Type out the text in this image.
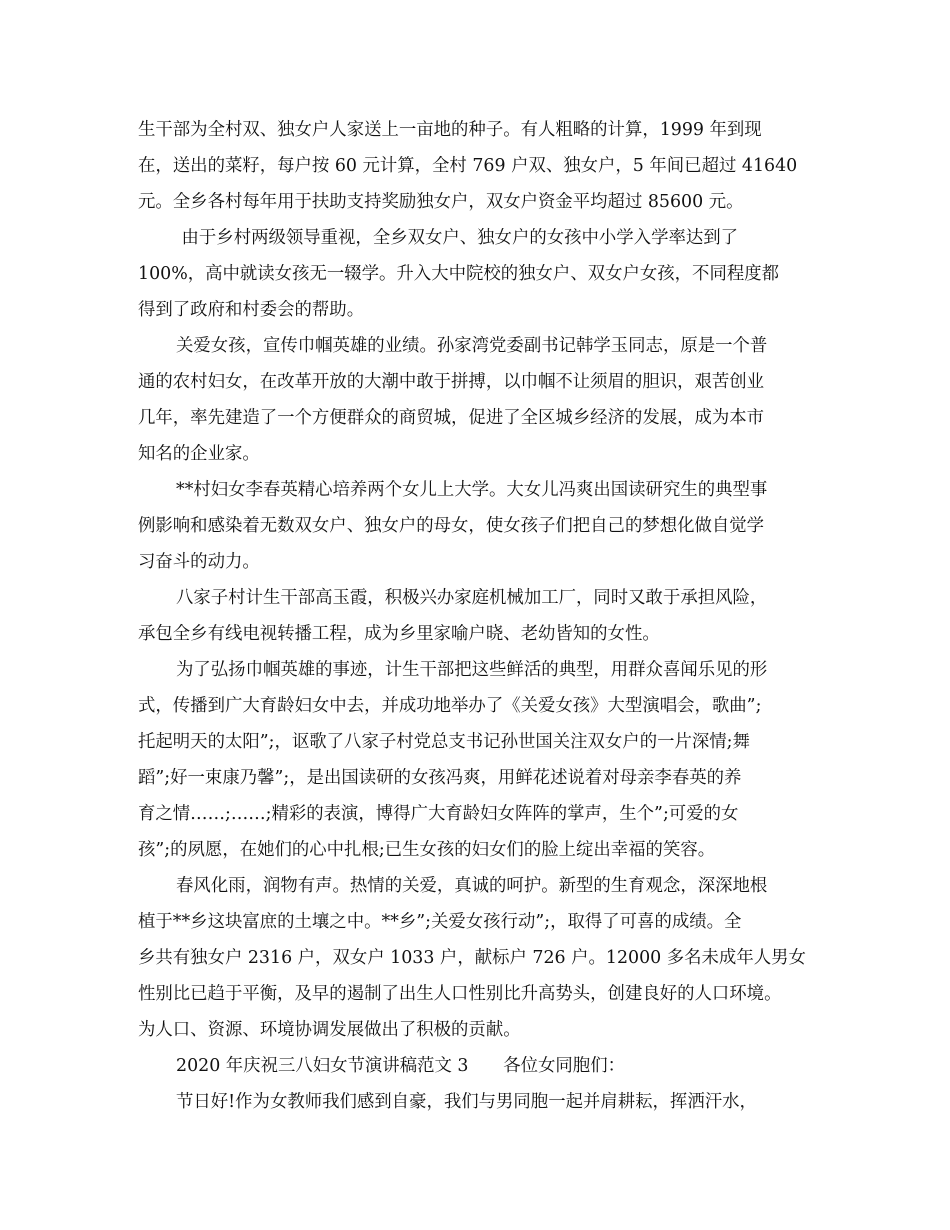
生干部为全村双、独女户人家送上一亩地的种子。有人粗略的计算，1999 年到现
在，送出的菜籽，每户按 60 元计算，全村 769 户双、独女户，5 年间已超过 41640
元。全乡各村每年用于扶助支持奖励独女户，双女户资金平均超过 85600 元。
由于乡村两级领导重视，全乡双女户、独女户的女孩中小学入学率达到了
100%，高中就读女孩无一辍学。升入大中院校的独女户、双女户女孩，不同程度都
得到了政府和村委会的帮助。
关爱女孩，宣传巾帼英雄的业绩。孙家湾党委副书记韩学玉同志，原是一个普
通的农村妇女，在改革开放的大潮中敢于拼搏，以巾帼不让须眉的胆识，艰苦创业
几年，率先建造了一个方便群众的商贸城，促进了全区城乡经济的发展，成为本市
知名的企业家。
**村妇女李春英精心培养两个女儿上大学。大女儿冯爽出国读研究生的典型事
例影响和感染着无数双女户、独女户的母女，使女孩子们把自己的梦想化做自觉学
习奋斗的动力。
八家子村计生干部高玉霞，积极兴办家庭机械加工厂，同时又敢于承担风险，
承包全乡有线电视转播工程，成为乡里家喻户晓、老幼皆知的女性。
为了弘扬巾帼英雄的事迹，计生干部把这些鲜活的典型，用群众喜闻乐见的形
式，传播到广大育龄妇女中去，并成功地举办了《关爱女孩》大型演唱会，歌曲”;
托起明天的太阳”;，讴歌了八家子村党总支书记孙世国关注双女户的一片深情;舞
蹈”;好一束康乃馨”;，是出国读研的女孩冯爽，用鲜花述说着对母亲李春英的养
育之情……;……;精彩的表演，博得广大育龄妇女阵阵的掌声，生个”;可爱的女
孩”;的夙愿，在她们的心中扎根;已生女孩的妇女们的脸上绽出幸福的笑容。
春风化雨，润物有声。热情的关爱，真诚的呵护。新型的生育观念，深深地根
植于**乡这块富庶的土壤之中。**乡”;关爱女孩行动”;，取得了可喜的成绩。全
乡共有独女户 2316 户，双女户 1033 户，献标户 726 户。12000 多名未成年人男女
性别比已趋于平衡，及早的遏制了出生人口性别比升高势头，创建良好的人口环境。
为人口、资源、环境协调发展做出了积极的贡献。
2020 年庆祝三八妇女节演讲稿范文 3　　各位女同胞们：
节日好!作为女教师我们感到自豪，我们与男同胞一起并肩耕耘，挥洒汗水，
